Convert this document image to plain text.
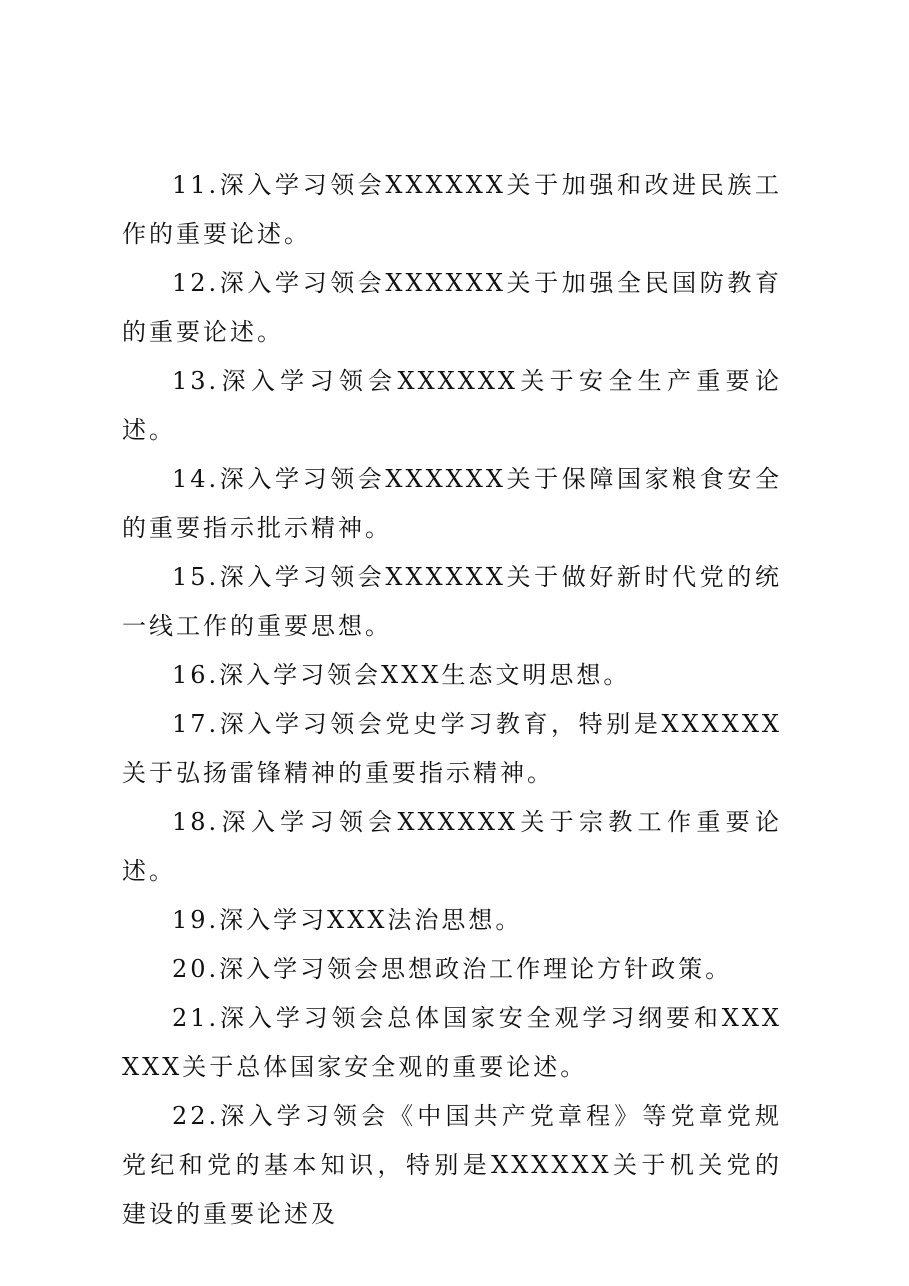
11.深入学习领会XXXXXX关于加强和改进民族工作的重要论述。

12.深入学习领会XXXXXX关于加强全民国防教育的重要论述。

13.深入学习领会XXXXXX关于安全生产重要论述。

14.深入学习领会XXXXXX关于保障国家粮食安全的重要指示批示精神。

15.深入学习领会XXXXXX关于做好新时代党的统一线工作的重要思想。

16.深入学习领会XXX生态文明思想。

17.深入学习领会党史学习教育，特别是XXXXXX关于弘扬雷锋精神的重要指示精神。

18.深入学习领会XXXXXX关于宗教工作重要论述。

19.深入学习XXX法治思想。

20.深入学习领会思想政治工作理论方针政策。

21.深入学习领会总体国家安全观学习纲要和XXXXXX关于总体国家安全观的重要论述。

22.深入学习领会《中国共产党章程》等党章党规党纪和党的基本知识，特别是XXXXXX关于机关党的建设的重要论述及
